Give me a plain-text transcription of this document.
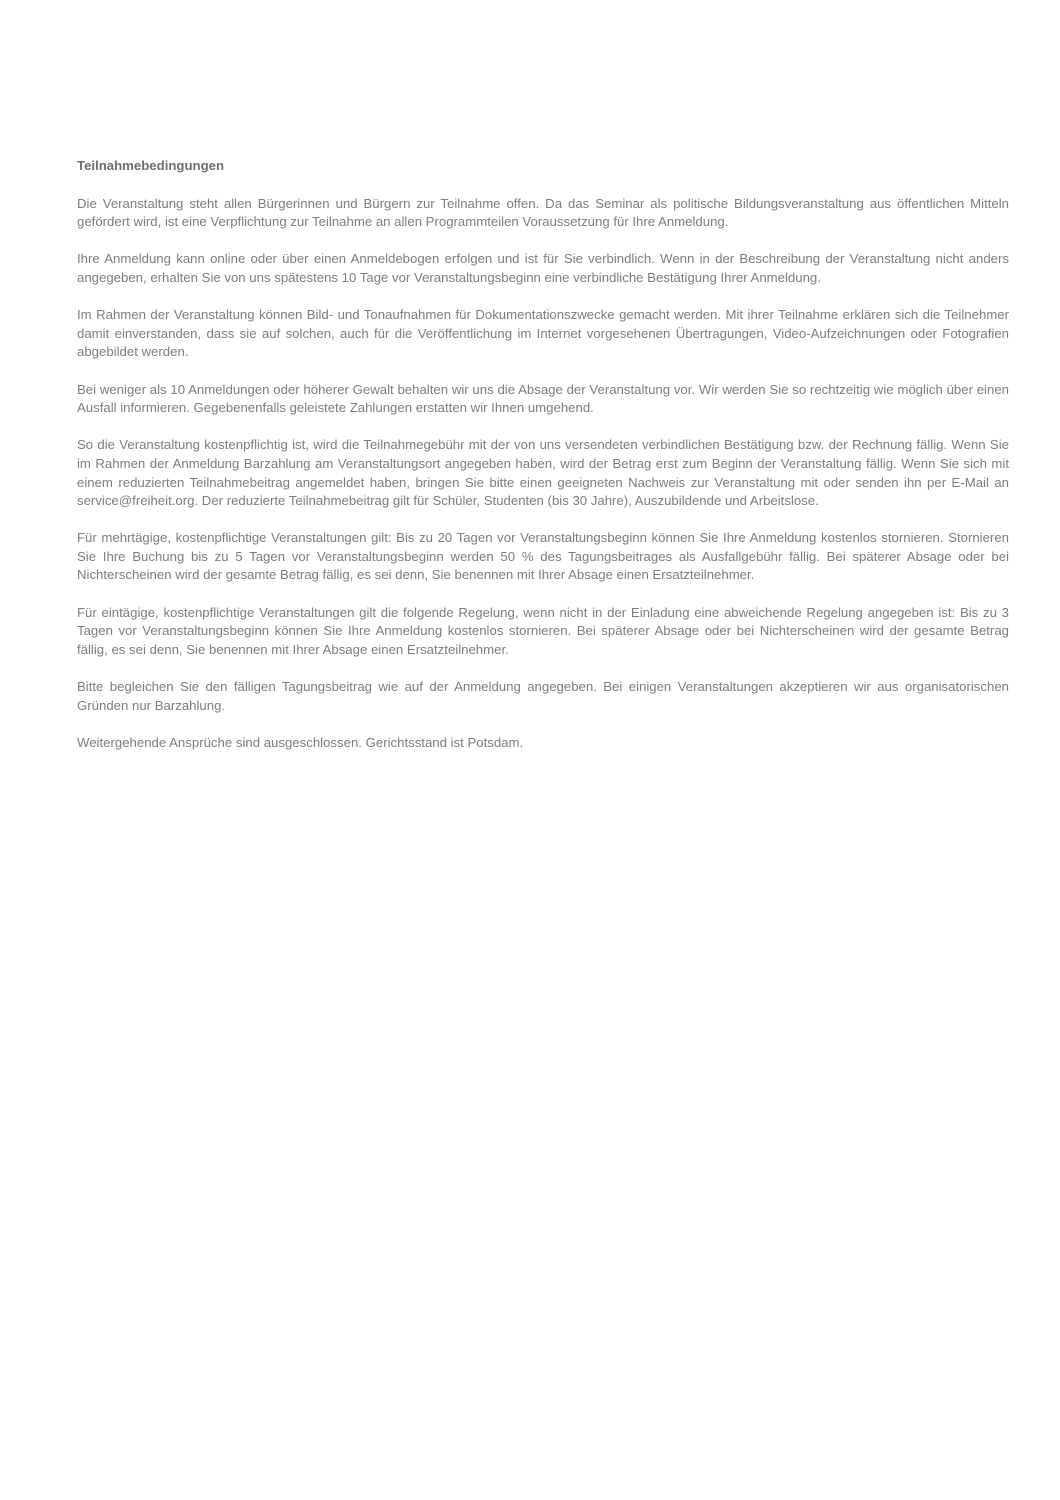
Teilnahmebedingungen

Die Veranstaltung steht allen Bürgerinnen und Bürgern zur Teilnahme offen. Da das Seminar als politische Bildungsveranstaltung aus öffentlichen Mitteln gefördert wird, ist eine Verpflichtung zur Teilnahme an allen Programmteilen Voraussetzung für Ihre Anmeldung.

Ihre Anmeldung kann online oder über einen Anmeldebogen erfolgen und ist für Sie verbindlich. Wenn in der Beschreibung der Veranstaltung nicht anders angegeben, erhalten Sie von uns spätestens 10 Tage vor Veranstaltungsbeginn eine verbindliche Bestätigung Ihrer Anmeldung.

Im Rahmen der Veranstaltung können Bild- und Tonaufnahmen für Dokumentationszwecke gemacht werden. Mit ihrer Teilnahme erklären sich die Teilnehmer damit einverstanden, dass sie auf solchen, auch für die Veröffentlichung im Internet vorgesehenen Übertragungen, Video-Aufzeichnungen oder Fotografien abgebildet werden.

Bei weniger als 10 Anmeldungen oder höherer Gewalt behalten wir uns die Absage der Veranstaltung vor. Wir werden Sie so rechtzeitig wie möglich über einen Ausfall informieren. Gegebenenfalls geleistete Zahlungen erstatten wir Ihnen umgehend.

So die Veranstaltung kostenpflichtig ist, wird die Teilnahmegebühr mit der von uns versendeten verbindlichen Bestätigung bzw. der Rechnung fällig. Wenn Sie im Rahmen der Anmeldung Barzahlung am Veranstaltungsort angegeben haben, wird der Betrag erst zum Beginn der Veranstaltung fällig. Wenn Sie sich mit einem reduzierten Teilnahmebeitrag angemeldet haben, bringen Sie bitte einen geeigneten Nachweis zur Veranstaltung mit oder senden ihn per E-Mail an service@freiheit.org. Der reduzierte Teilnahmebeitrag gilt für Schüler, Studenten (bis 30 Jahre), Auszubildende und Arbeitslose.

Für mehrtägige, kostenpflichtige Veranstaltungen gilt: Bis zu 20 Tagen vor Veranstaltungsbeginn können Sie Ihre Anmeldung kostenlos stornieren. Stornieren Sie Ihre Buchung bis zu 5 Tagen vor Veranstaltungsbeginn werden 50 % des Tagungsbeitrages als Ausfallgebühr fällig. Bei späterer Absage oder bei Nichterscheinen wird der gesamte Betrag fällig, es sei denn, Sie benennen mit Ihrer Absage einen Ersatzteilnehmer.

Für eintägige, kostenpflichtige Veranstaltungen gilt die folgende Regelung, wenn nicht in der Einladung eine abweichende Regelung angegeben ist: Bis zu 3 Tagen vor Veranstaltungsbeginn können Sie Ihre Anmeldung kostenlos stornieren. Bei späterer Absage oder bei Nichterscheinen wird der gesamte Betrag fällig, es sei denn, Sie benennen mit Ihrer Absage einen Ersatzteilnehmer.

Bitte begleichen Sie den fälligen Tagungsbeitrag wie auf der Anmeldung angegeben. Bei einigen Veranstaltungen akzeptieren wir aus organisatorischen Gründen nur Barzahlung.

Weitergehende Ansprüche sind ausgeschlossen. Gerichtsstand ist Potsdam.
